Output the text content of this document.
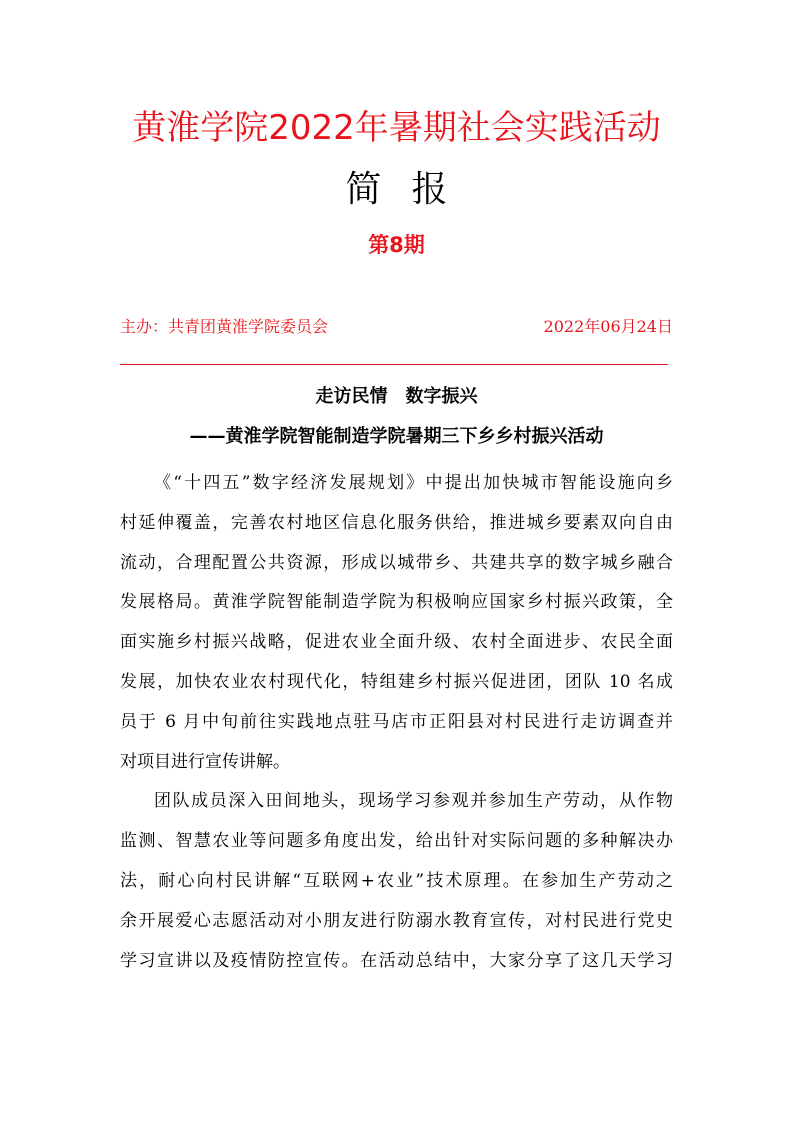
黄淮学院2022年暑期社会实践活动
简报
第8期
主办：共青团黄淮学院委员会	2022年06月24日
走访民情　数字振兴
——黄淮学院智能制造学院暑期三下乡乡村振兴活动
《“十四五”数字经济发展规划》中提出加快城市智能设施向乡
村延伸覆盖，完善农村地区信息化服务供给，推进城乡要素双向自由
流动，合理配置公共资源，形成以城带乡、共建共享的数字城乡融合
发展格局。黄淮学院智能制造学院为积极响应国家乡村振兴政策，全
面实施乡村振兴战略，促进农业全面升级、农村全面进步、农民全面
发展，加快农业农村现代化，特组建乡村振兴促进团，团队 10 名成
员于 6 月中旬前往实践地点驻马店市正阳县对村民进行走访调查并
对项目进行宣传讲解。
团队成员深入田间地头，现场学习参观并参加生产劳动，从作物
监测、智慧农业等问题多角度出发，给出针对实际问题的多种解决办
法，耐心向村民讲解“互联网+农业”技术原理。在参加生产劳动之
余开展爱心志愿活动对小朋友进行防溺水教育宣传，对村民进行党史
学习宣讲以及疫情防控宣传。在活动总结中，大家分享了这几天学习
